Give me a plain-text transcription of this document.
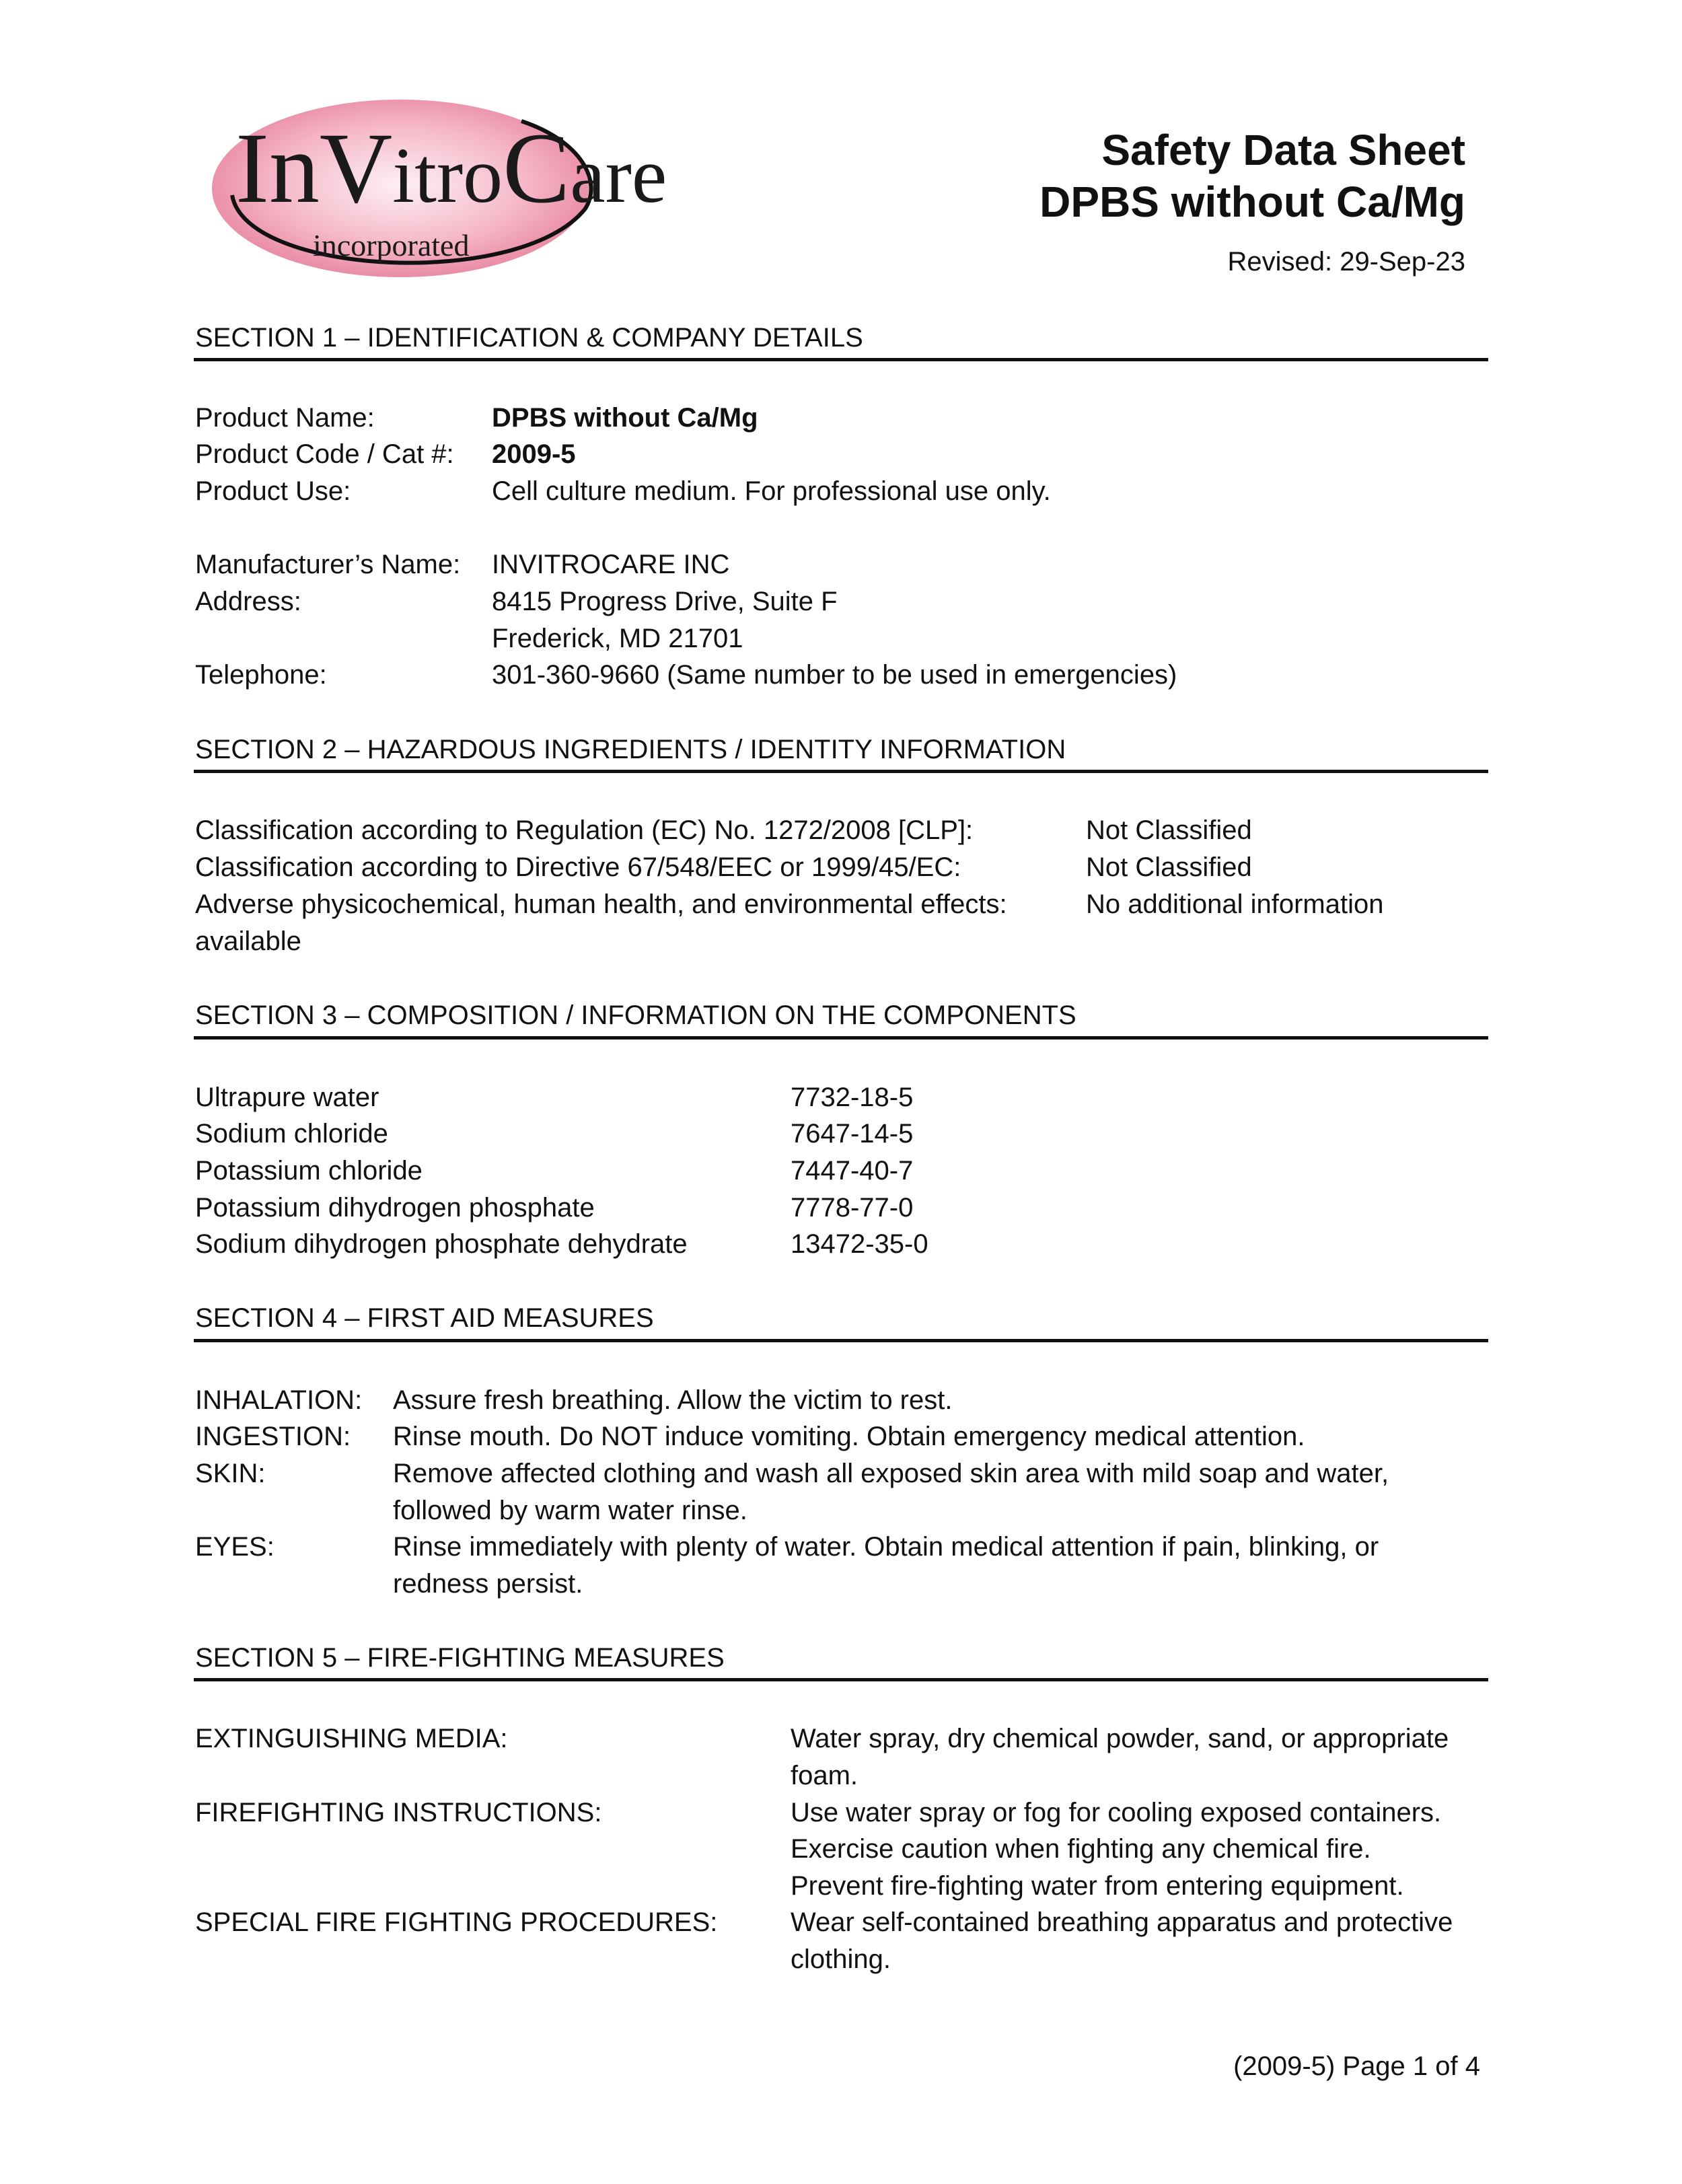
InVitroCare
incorporated
Safety Data Sheet
DPBS without Ca/Mg
Revised: 29-Sep-23
SECTION 1 – IDENTIFICATION & COMPANY DETAILS
Product Name:	DPBS without Ca/Mg
Product Code / Cat #: 2009-5
Product Use:	Cell culture medium. For professional use only.
Manufacturer’s Name: INVITROCARE INC
Address:	8415 Progress Drive, Suite F
Frederick, MD 21701
Telephone:	301-360-9660 (Same number to be used in emergencies)
SECTION 2 – HAZARDOUS INGREDIENTS / IDENTITY INFORMATION
Classification according to Regulation (EC) No. 1272/2008 [CLP]:	Not Classified
Classification according to Directive 67/548/EEC or 1999/45/EC:	Not Classified
Adverse physicochemical, human health, and environmental effects:	No additional information
available
SECTION 3 – COMPOSITION / INFORMATION ON THE COMPONENTS
Ultrapure water	7732-18-5
Sodium chloride	7647-14-5
Potassium chloride	7447-40-7
Potassium dihydrogen phosphate	7778-77-0
Sodium dihydrogen phosphate dehydrate	13472-35-0
SECTION 4 – FIRST AID MEASURES
INHALATION: Assure fresh breathing. Allow the victim to rest.
INGESTION: Rinse mouth. Do NOT induce vomiting. Obtain emergency medical attention.
SKIN:	Remove affected clothing and wash all exposed skin area with mild soap and water,
followed by warm water rinse.
EYES:	Rinse immediately with plenty of water. Obtain medical attention if pain, blinking, or
redness persist.
SECTION 5 – FIRE-FIGHTING MEASURES
EXTINGUISHING MEDIA:	Water spray, dry chemical powder, sand, or appropriate
foam.
FIREFIGHTING INSTRUCTIONS:	Use water spray or fog for cooling exposed containers.
Exercise caution when fighting any chemical fire.
Prevent fire-fighting water from entering equipment.
SPECIAL FIRE FIGHTING PROCEDURES:	Wear self-contained breathing apparatus and protective
clothing.
(2009-5) Page 1 of 4
